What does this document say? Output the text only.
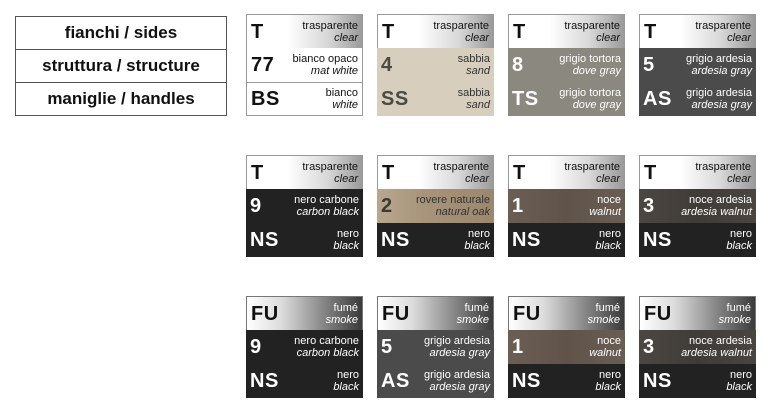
fianchi / sides
struttura / structure
maniglie / handles
T	trasparente
clear
77 bianco opaco
mat white
BS	bianco
white
T	trasparente
clear
4	sabbia
sand
SS	sabbia
sand
T	trasparente
clear
8	grigio tortora
dove gray
TS grigio tortora
dove gray
T	trasparente
clear
5	grigio ardesia
ardesia gray
AS grigio ardesia
ardesia gray
T	trasparente
clear
9	nero carbone
carbon black
NS	nero
black
T	trasparente
clear
2 rovere naturale
natural oak
NS	nero
black
T	trasparente
clear
1	noce
walnut
NS	nero
black
T	trasparente
clear
3	noce ardesia
ardesia walnut
NS	nero
black
FU	fumé
smoke
9	nero carbone
carbon black
NS	nero
black
FU	fumé
smoke
5	grigio ardesia
ardesia gray
AS grigio ardesia
ardesia gray
FU	fumé
smoke
1	noce
walnut
NS	nero
black
FU	fumé
smoke
3	noce ardesia
ardesia walnut
NS	nero
black
